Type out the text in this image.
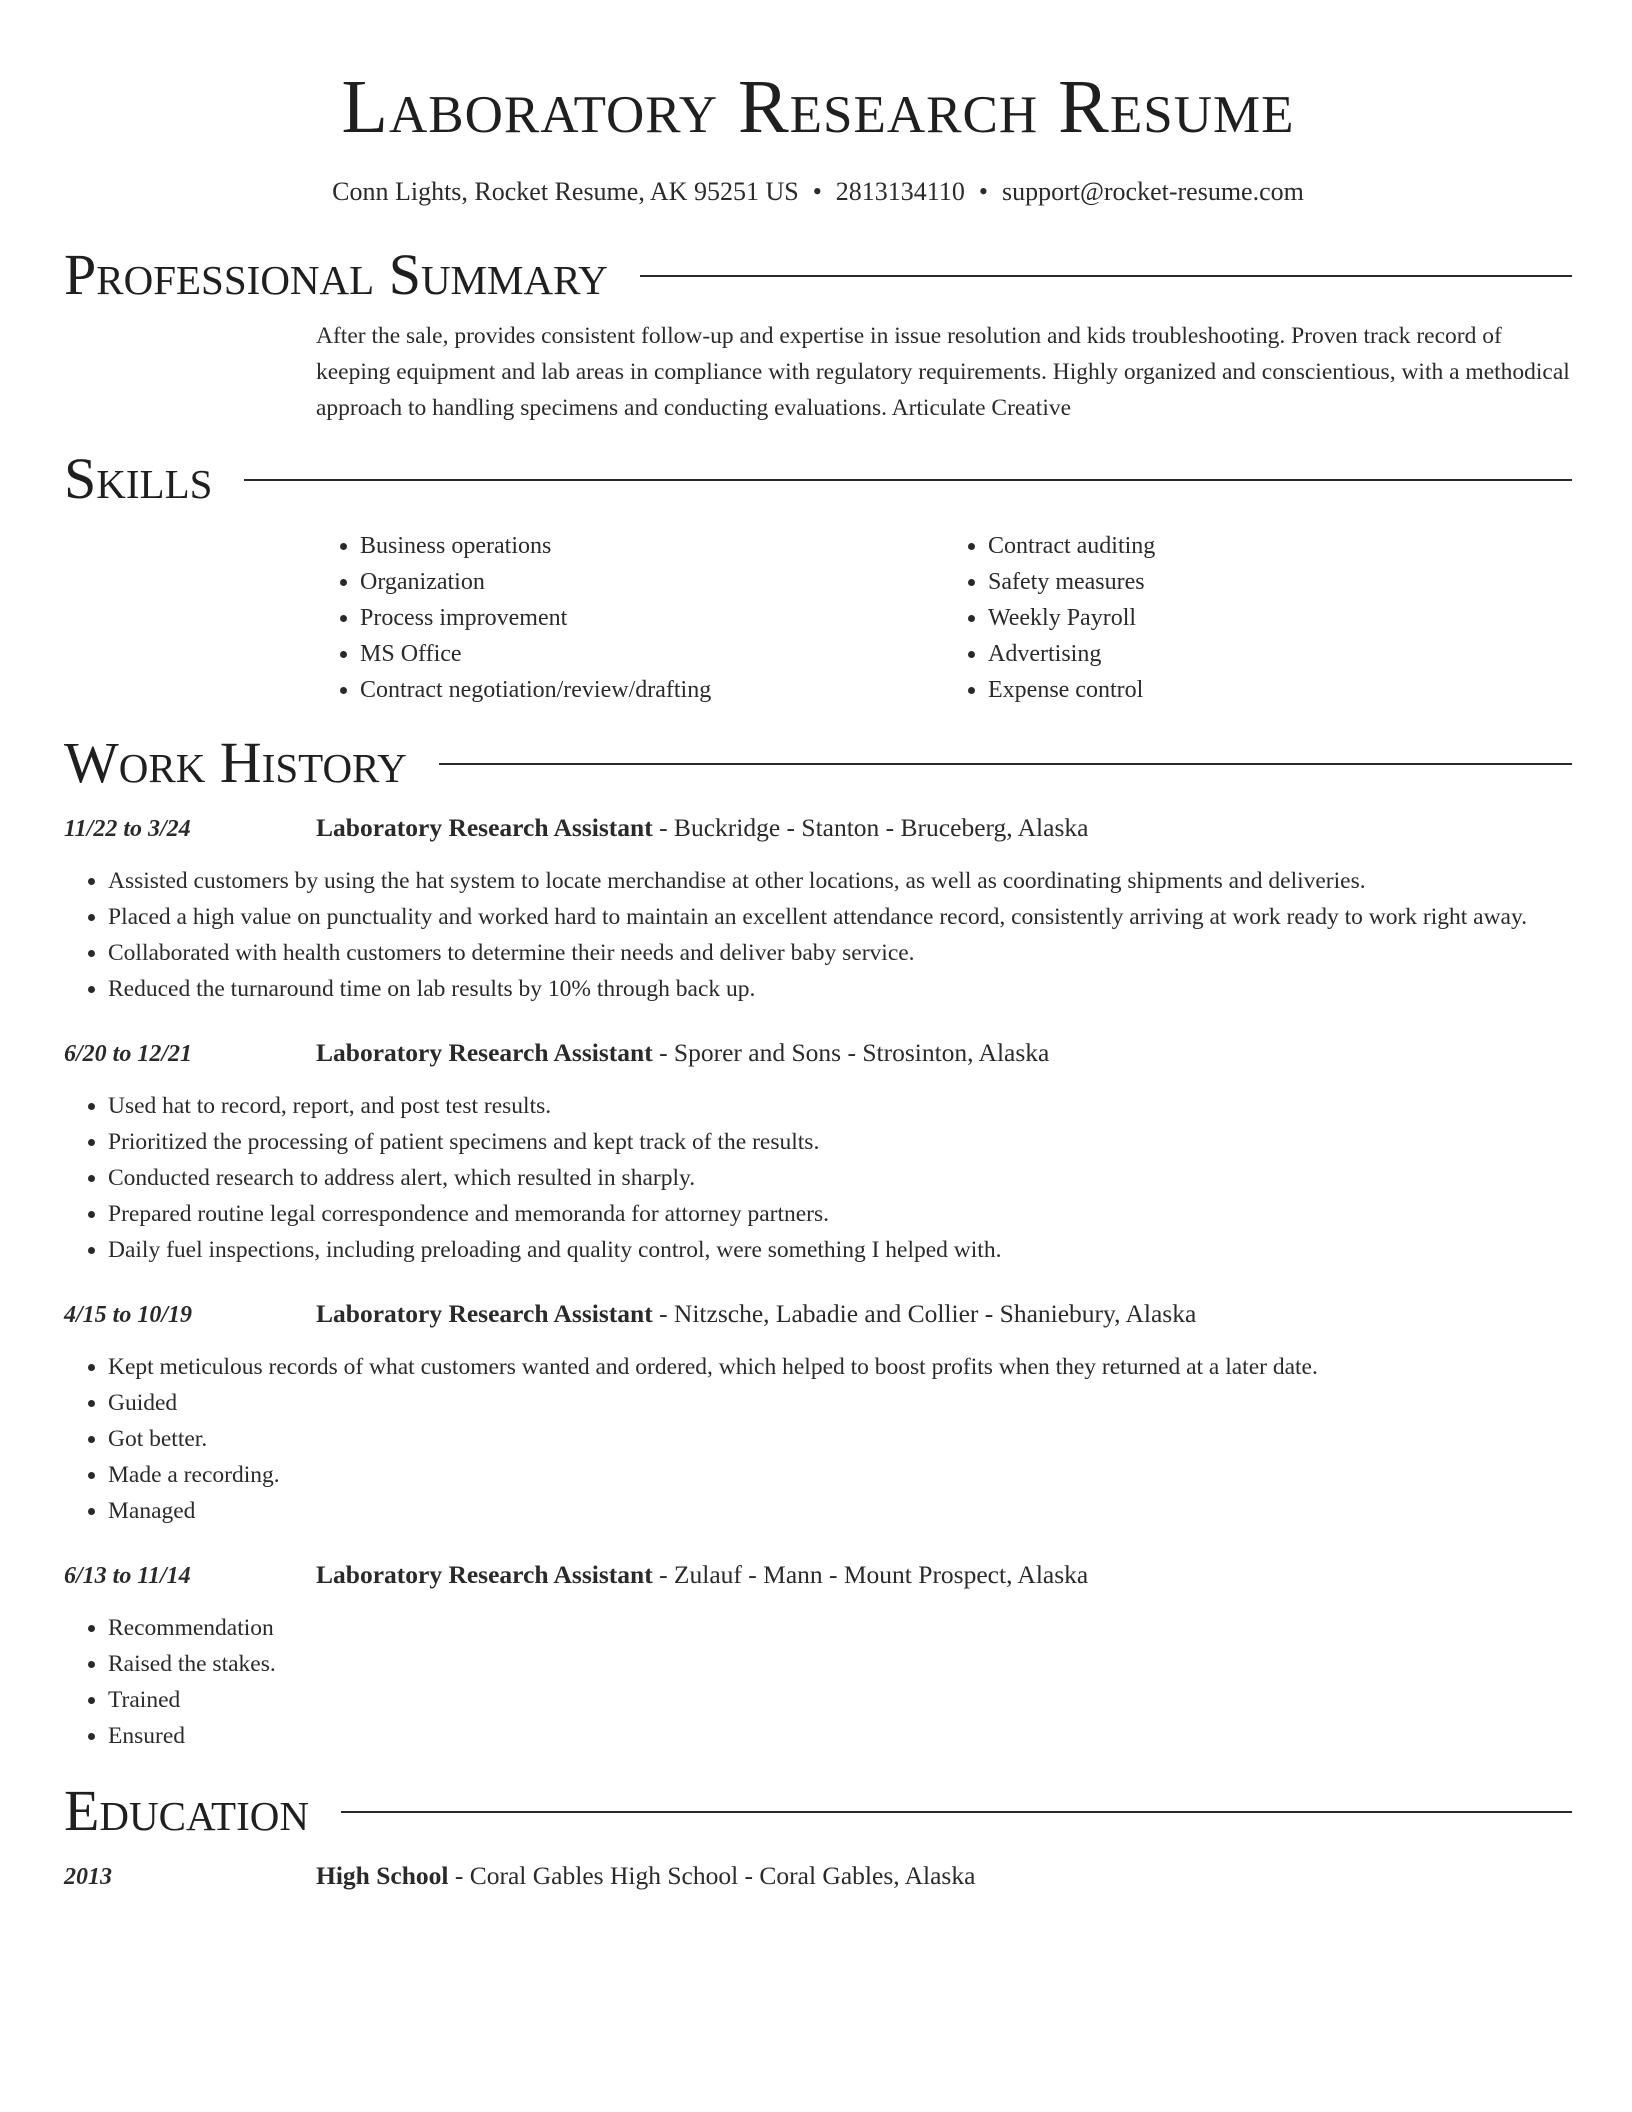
Laboratory Research Resume
Conn Lights, Rocket Resume, AK 95251 US • 2813134110 • support@rocket-resume.com
Professional Summary
After the sale, provides consistent follow-up and expertise in issue resolution and kids troubleshooting. Proven track record of keeping equipment and lab areas in compliance with regulatory requirements. Highly organized and conscientious, with a methodical approach to handling specimens and conducting evaluations. Articulate Creative
Skills
• Business operations
• Organization
• Process improvement
• MS Office
• Contract negotiation/review/drafting
• Contract auditing
• Safety measures
• Weekly Payroll
• Advertising
• Expense control
Work History
11/22 to 3/24	Laboratory Research Assistant - Buckridge - Stanton - Bruceberg, Alaska
• Assisted customers by using the hat system to locate merchandise at other locations, as well as coordinating shipments and deliveries.
• Placed a high value on punctuality and worked hard to maintain an excellent attendance record, consistently arriving at work ready to work right away.
• Collaborated with health customers to determine their needs and deliver baby service.
• Reduced the turnaround time on lab results by 10% through back up.
6/20 to 12/21	Laboratory Research Assistant - Sporer and Sons - Strosinton, Alaska
• Used hat to record, report, and post test results.
• Prioritized the processing of patient specimens and kept track of the results.
• Conducted research to address alert, which resulted in sharply.
• Prepared routine legal correspondence and memoranda for attorney partners.
• Daily fuel inspections, including preloading and quality control, were something I helped with.
4/15 to 10/19	Laboratory Research Assistant - Nitzsche, Labadie and Collier - Shaniebury, Alaska
• Kept meticulous records of what customers wanted and ordered, which helped to boost profits when they returned at a later date.
• Guided
• Got better.
• Made a recording.
• Managed
6/13 to 11/14	Laboratory Research Assistant - Zulauf - Mann - Mount Prospect, Alaska
• Recommendation
• Raised the stakes.
• Trained
• Ensured
Education
2013	High School - Coral Gables High School - Coral Gables, Alaska
